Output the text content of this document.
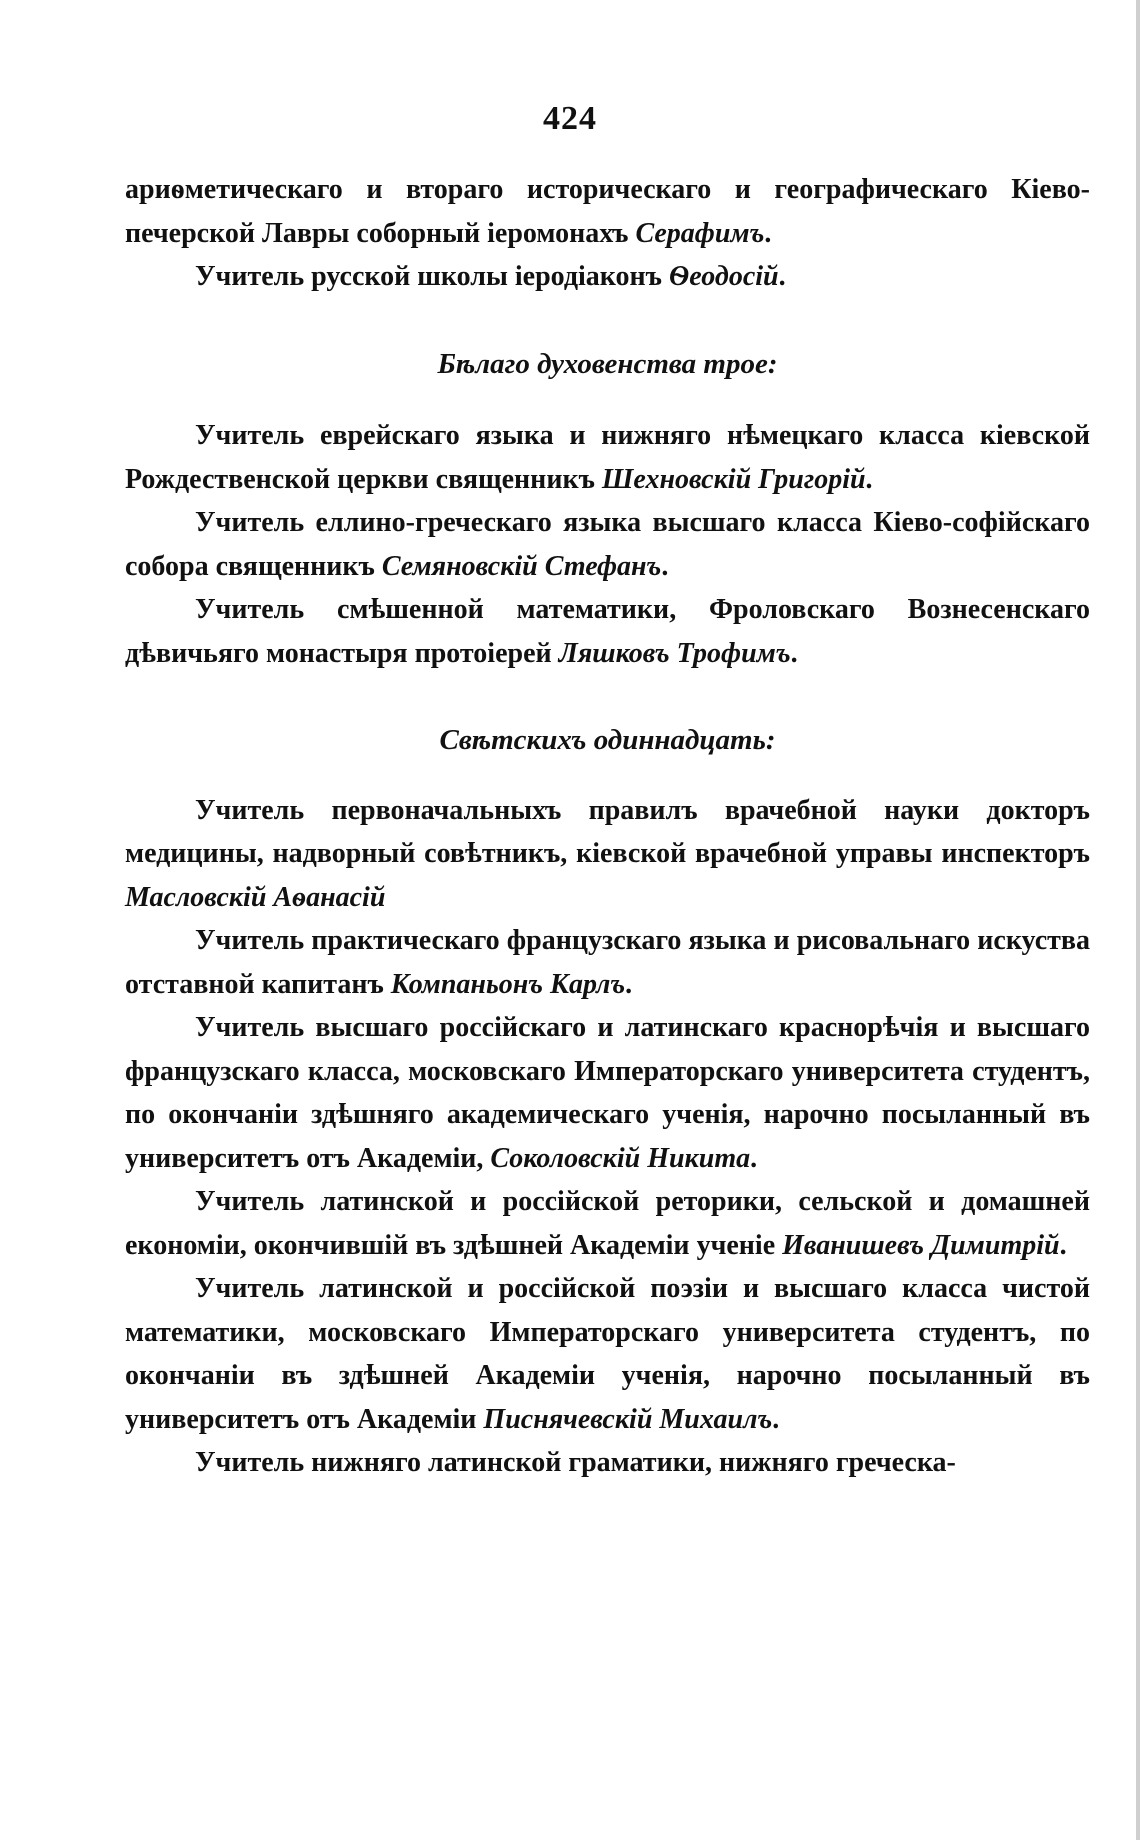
424

ариѳметическаго и втораго историческаго и географическаго Кіево-печерской Лавры соборный іеромонахъ Серафимъ.

Учитель русской школы іеродіаконъ Ѳеодосій.

Бѣлаго духовенства трое:

Учитель еврейскаго языка и нижняго нѣмецкаго класса кіевской Рождественской церкви священникъ Шехновскій Григорій.

Учитель еллино-греческаго языка высшаго класса Кіево-софійскаго собора священникъ Семяновскій Стефанъ.

Учитель смѣшенной математики, Фроловскаго Вознесенскаго дѣвичьяго монастыря протоіерей Ляшковъ Трофимъ.

Свѣтскихъ одиннадцать:

Учитель первоначальныхъ правилъ врачебной науки докторъ медицины, надворный совѣтникъ, кіевской врачебной управы инспекторъ Масловскій Аѳанасій

Учитель практическаго французскаго языка и рисовальнаго искуства отставной капитанъ Компаньонъ Карлъ.

Учитель высшаго россійскаго и латинскаго краснорѣчія и высшаго французскаго класса, московскаго Императорскаго университета студентъ, по окончаніи здѣшняго академическаго ученія, нарочно посыланный въ университетъ отъ Академіи, Соколовскій Никита.

Учитель латинской и россійской реторики, сельской и домашней економіи, окончившій въ здѣшней Академіи ученіе Иванишевъ Димитрій.

Учитель латинской и россійской поэзіи и высшаго класса чистой математики, московскаго Императорскаго университета студентъ, по окончаніи въ здѣшней Академіи ученія, нарочно посыланный въ университетъ отъ Академіи Писнячевскій Михаилъ.

Учитель нижняго латинской граматики, нижняго греческа-
